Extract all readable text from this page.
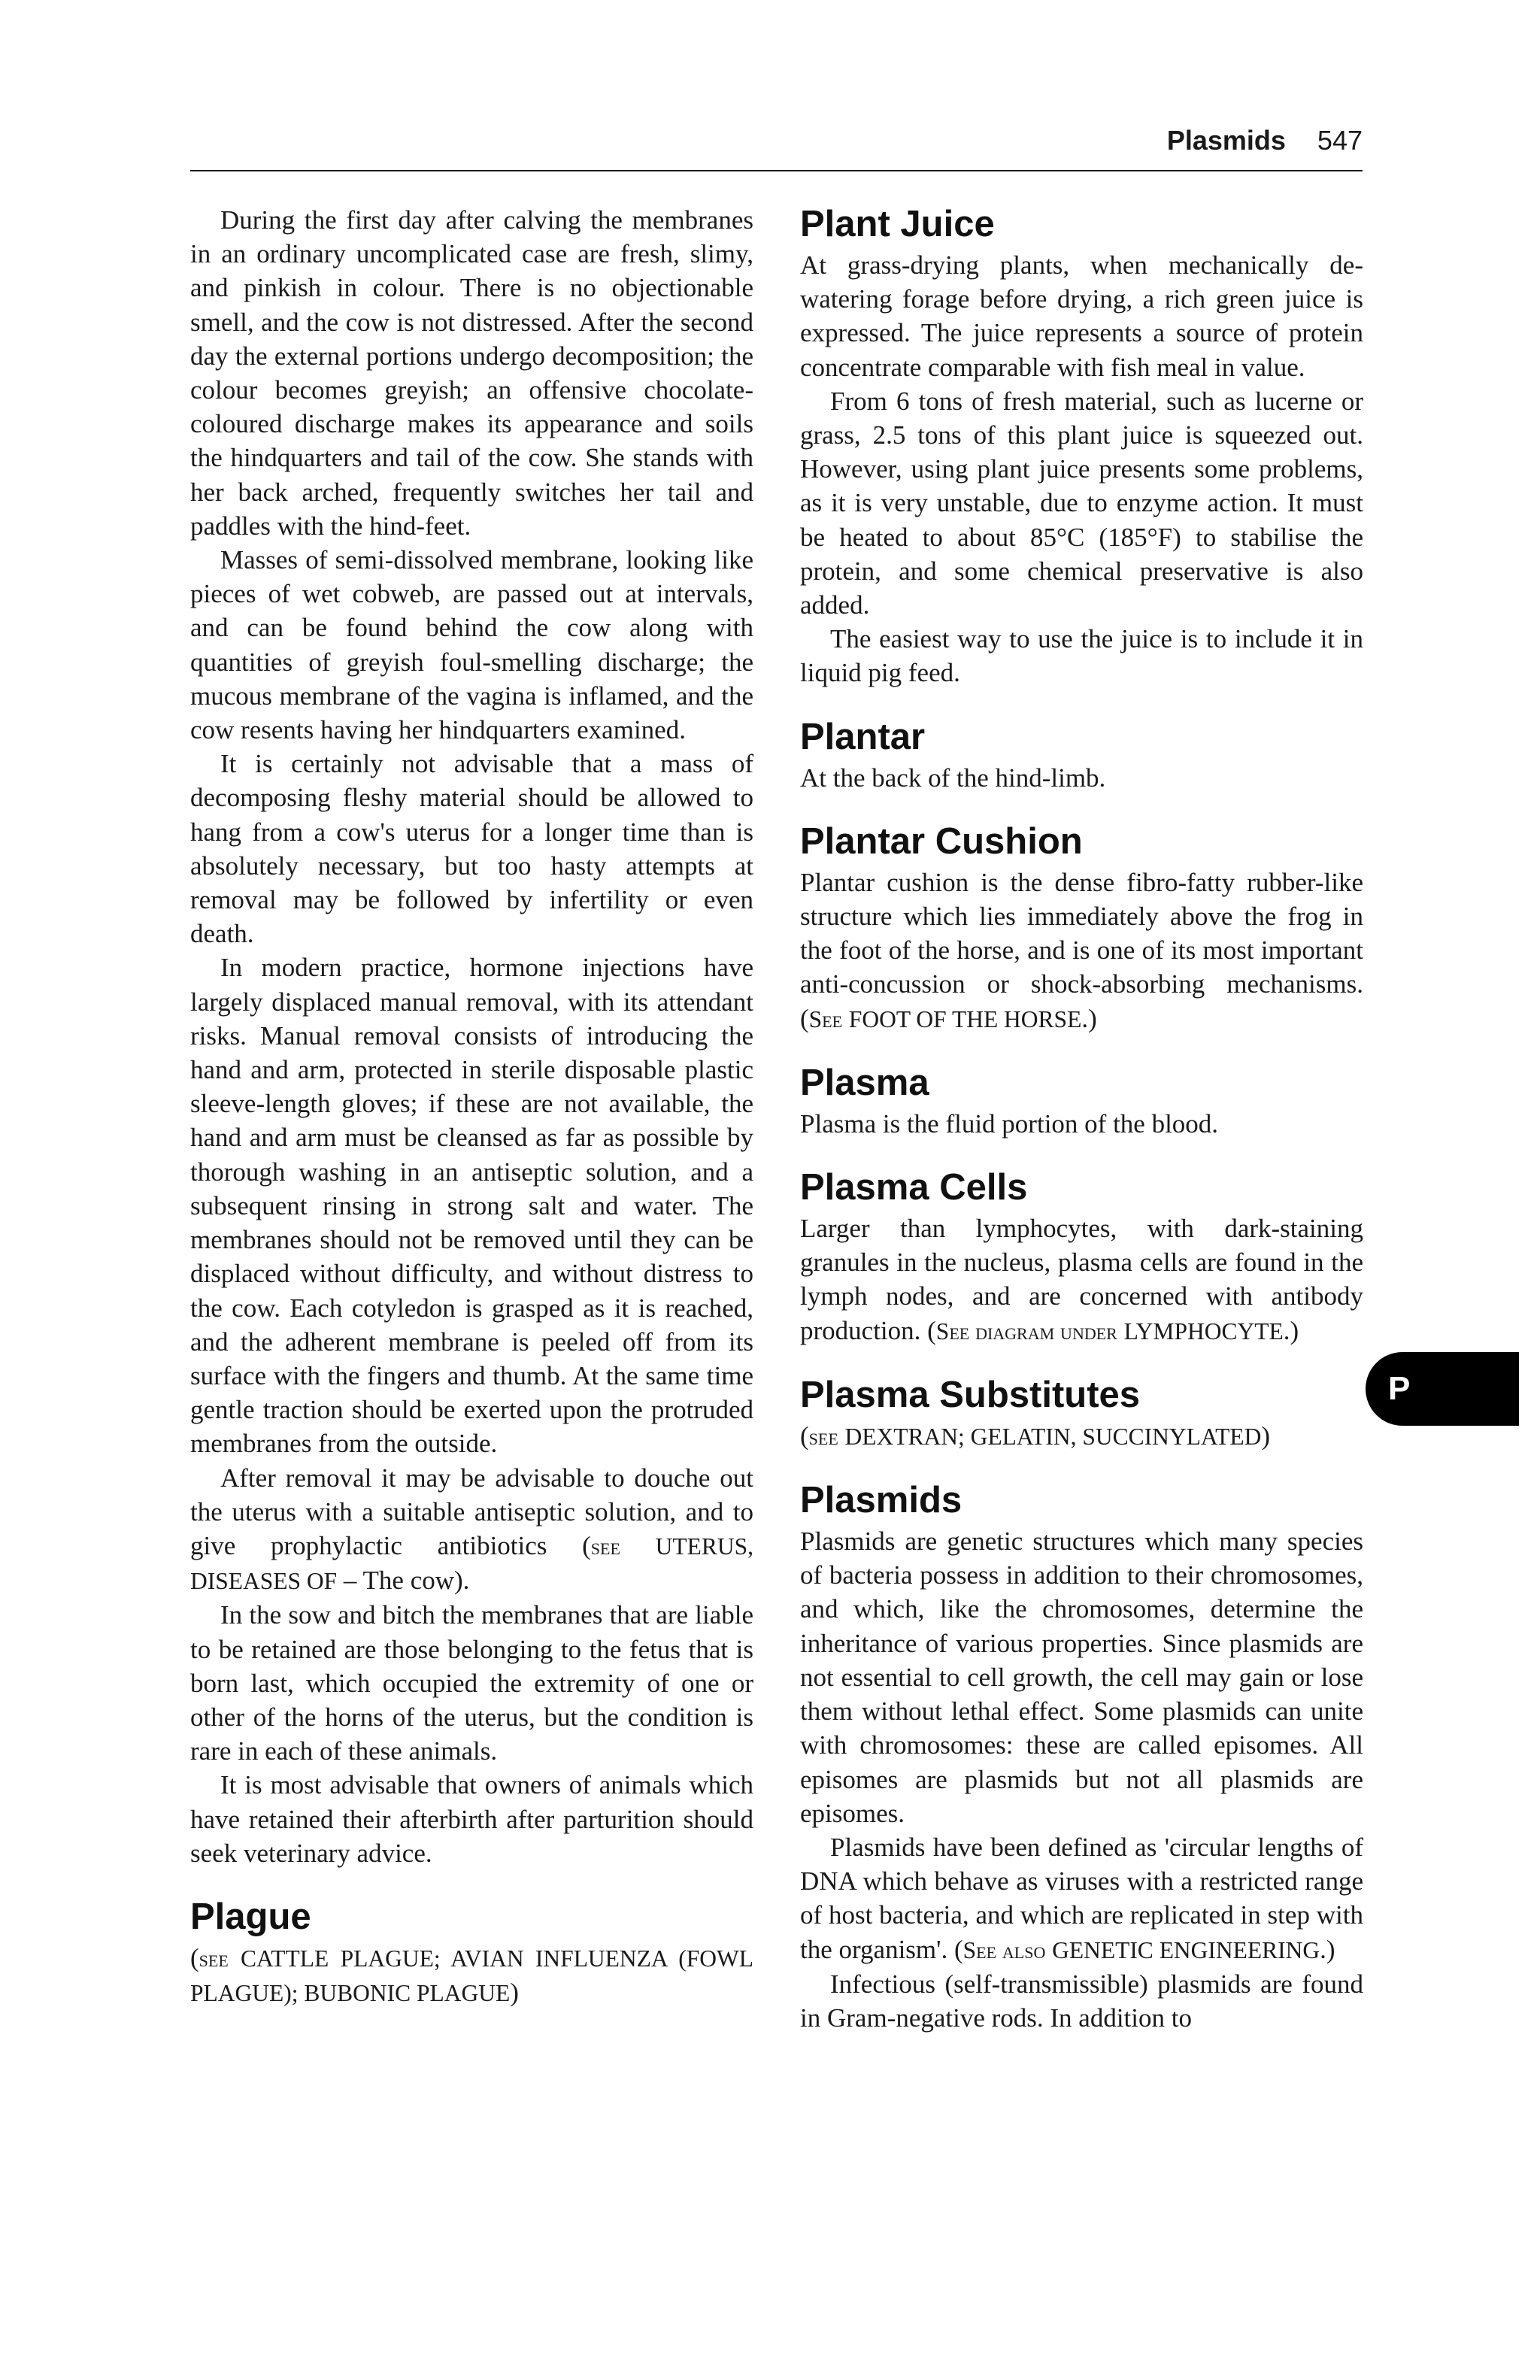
Plasmids 547

During the first day after calving the membranes in an ordinary uncomplicated case are fresh, slimy, and pinkish in colour. There is no objectionable smell, and the cow is not distressed. After the second day the external portions undergo decomposition; the colour becomes greyish; an offensive chocolate-coloured discharge makes its appearance and soils the hindquarters and tail of the cow. She stands with her back arched, frequently switches her tail and paddles with the hind-feet.

Masses of semi-dissolved membrane, looking like pieces of wet cobweb, are passed out at intervals, and can be found behind the cow along with quantities of greyish foul-smelling discharge; the mucous membrane of the vagina is inflamed, and the cow resents having her hindquarters examined.

It is certainly not advisable that a mass of decomposing fleshy material should be allowed to hang from a cow's uterus for a longer time than is absolutely necessary, but too hasty attempts at removal may be followed by infertility or even death.

In modern practice, hormone injections have largely displaced manual removal, with its attendant risks. Manual removal consists of introducing the hand and arm, protected in sterile disposable plastic sleeve-length gloves; if these are not available, the hand and arm must be cleansed as far as possible by thorough washing in an antiseptic solution, and a subsequent rinsing in strong salt and water. The membranes should not be removed until they can be displaced without difficulty, and without distress to the cow. Each cotyledon is grasped as it is reached, and the adherent membrane is peeled off from its surface with the fingers and thumb. At the same time gentle traction should be exerted upon the protruded membranes from the outside.

After removal it may be advisable to douche out the uterus with a suitable antiseptic solution, and to give prophylactic antibiotics (see UTERUS, DISEASES OF – The cow).

In the sow and bitch the membranes that are liable to be retained are those belonging to the fetus that is born last, which occupied the extremity of one or other of the horns of the uterus, but the condition is rare in each of these animals.

It is most advisable that owners of animals which have retained their afterbirth after parturition should seek veterinary advice.

Plague

(see CATTLE PLAGUE; AVIAN INFLUENZA (FOWL PLAGUE); BUBONIC PLAGUE)

Plant Juice

At grass-drying plants, when mechanically de-watering forage before drying, a rich green juice is expressed. The juice represents a source of protein concentrate comparable with fish meal in value.

From 6 tons of fresh material, such as lucerne or grass, 2.5 tons of this plant juice is squeezed out. However, using plant juice presents some problems, as it is very unstable, due to enzyme action. It must be heated to about 85°C (185°F) to stabilise the protein, and some chemical preservative is also added.

The easiest way to use the juice is to include it in liquid pig feed.

Plantar

At the back of the hind-limb.

Plantar Cushion

Plantar cushion is the dense fibro-fatty rubber-like structure which lies immediately above the frog in the foot of the horse, and is one of its most important anti-concussion or shock-absorbing mechanisms. (See FOOT OF THE HORSE.)

Plasma

Plasma is the fluid portion of the blood.

Plasma Cells

Larger than lymphocytes, with dark-staining granules in the nucleus, plasma cells are found in the lymph nodes, and are concerned with antibody production. (See diagram under LYMPHOCYTE.)

Plasma Substitutes

(see DEXTRAN; GELATIN, SUCCINYLATED)

Plasmids

Plasmids are genetic structures which many species of bacteria possess in addition to their chromosomes, and which, like the chromosomes, determine the inheritance of various properties. Since plasmids are not essential to cell growth, the cell may gain or lose them without lethal effect. Some plasmids can unite with chromosomes: these are called episomes. All episomes are plasmids but not all plasmids are episomes.

Plasmids have been defined as 'circular lengths of DNA which behave as viruses with a restricted range of host bacteria, and which are replicated in step with the organism'. (See also GENETIC ENGINEERING.)

Infectious (self-transmissible) plasmids are found in Gram-negative rods. In addition to

P
